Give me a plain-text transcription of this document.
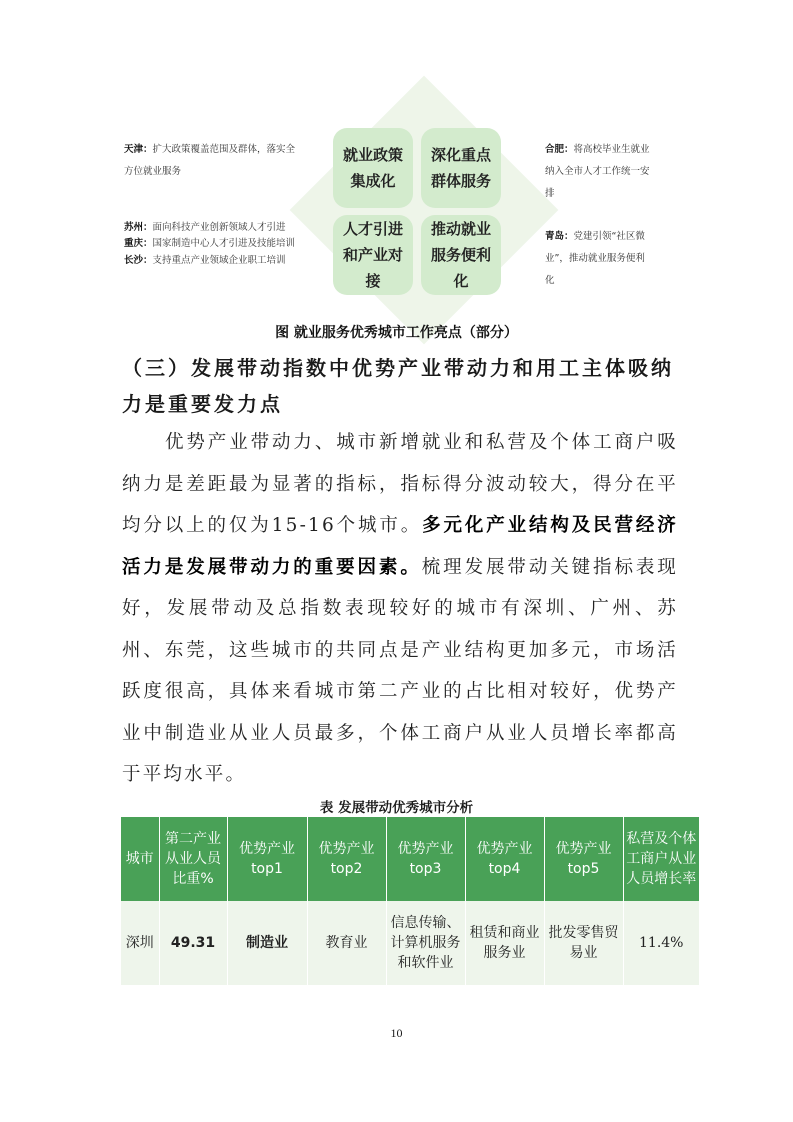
就业政策
集成化
深化重点
群体服务
人才引进
和产业对
接
推动就业
服务便利
化
天津：扩大政策覆盖范围及群体，落实全方位就业服务
合肥：将高校毕业生就业纳入全市人才工作统一安排
苏州：面向科技产业创新领域人才引进
重庆：国家制造中心人才引进及技能培训
长沙：支持重点产业领域企业职工培训
青岛：党建引领“社区微业”，推动就业服务便利化
图 就业服务优秀城市工作亮点（部分）
（三）发展带动指数中优势产业带动力和用工主体吸纳力是重要发力点
优势产业带动力、城市新增就业和私营及个体工商户吸纳力是差距最为显著的指标，指标得分波动较大，得分在平均分以上的仅为15-16个城市。多元化产业结构及民营经济活力是发展带动力的重要因素。梳理发展带动关键指标表现好，发展带动及总指数表现较好的城市有深圳、广州、苏州、东莞，这些城市的共同点是产业结构更加多元，市场活跃度很高，具体来看城市第二产业的占比相对较好，优势产业中制造业从业人员最多，个体工商户从业人员增长率都高于平均水平。
表 发展带动优秀城市分析
城市	第二产业从业人员比重%	优势产业top1	优势产业top2	优势产业top3	优势产业top4	优势产业top5	私营及个体工商户从业人员增长率
深圳	49.31	制造业	教育业	信息传输、计算机服务和软件业	租赁和商业服务业	批发零售贸易业	11.4%
10
